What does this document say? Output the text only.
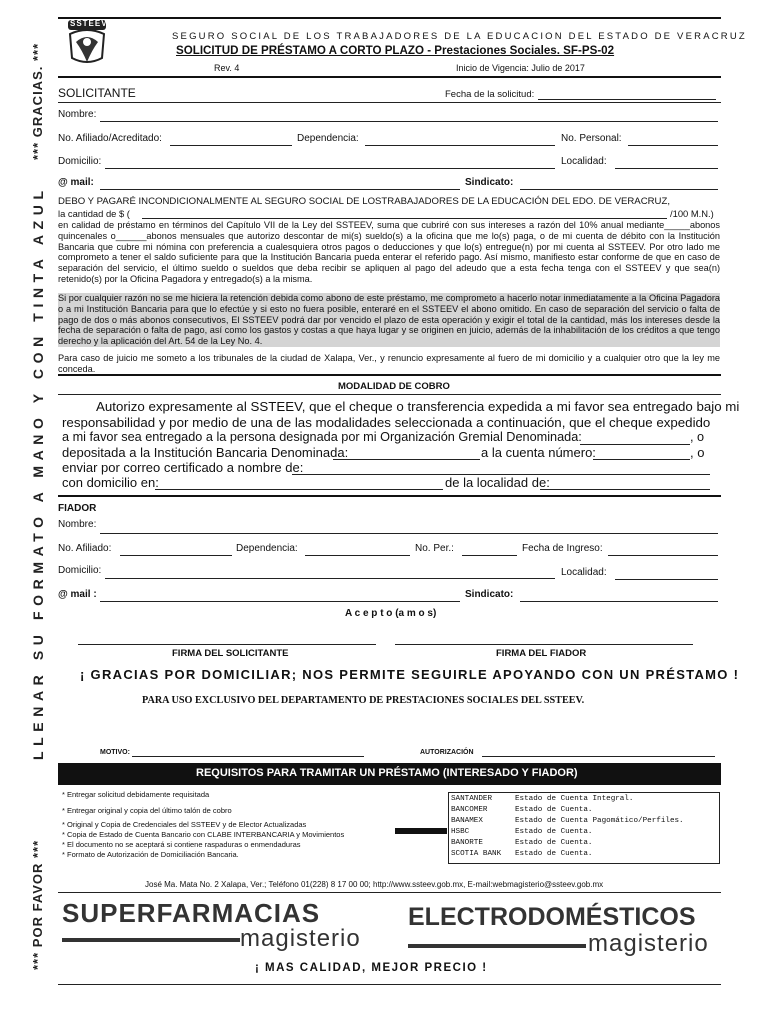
*** GRACIAS. ***
LLENAR SU FORMATO A MANO Y CON TINTA AZUL
*** POR FAVOR ***
SSTEEV
SEGURO SOCIAL DE LOS TRABAJADORES DE LA EDUCACION DEL ESTADO DE VERACRUZ
SOLICITUD DE PRÉSTAMO A CORTO PLAZO - Prestaciones Sociales. SF-PS-02
Rev. 4	Inicio de Vigencia: Julio de 2017
SOLICITANTE	Fecha de la solicitud:
Nombre:
No. Afiliado/Acreditado:	Dependencia:	No. Personal:
Domicilio:	Localidad:
@ mail:	Sindicato:
DEBO Y PAGARÉ INCONDICIONALMENTE AL SEGURO SOCIAL DE LOSTRABAJADORES DE LA EDUCACIÓN DEL EDO. DE VERACRUZ,
la cantidad de $ (	/100 M.N.)
en calidad de préstamo en términos del Capítulo VII de la Ley del SSTEEV, suma que cubriré con sus intereses a razón del 10% anual mediante_____abonos quincenales o______abonos mensuales que autorizo descontar de mi(s) sueldo(s) a la oficina que me lo(s) paga, o de mi cuenta de débito con la Institución Bancaria que cubre mi nómina con preferencia a cualesquiera otros pagos o deducciones y que lo(s) entregue(n) por mi cuenta al SSTEEV. Por otro lado me comprometo a tener el saldo suficiente para que la Institución Bancaria pueda enterar el referido pago. Así mismo, manifiesto estar conforme de que en caso de separación del servicio, el último sueldo o sueldos que deba recibir se apliquen al pago del adeudo que a esta fecha tenga con el SSTEEV y que sea(n) retenido(s) por la Oficina Pagadora y entregado(s) a la misma.
Si por cualquier razón no se me hiciera la retención debida como abono de este préstamo, me comprometo a hacerlo notar inmediatamente a la Oficina Pagadora o a mi Institución Bancaria para que lo efectúe y si esto no fuera posible, enteraré en el SSTEEV el abono omitido. En caso de separación del servicio o falta de pago de dos o más abonos consecutivos, El SSTEEV podrá dar por vencido el plazo de esta operación y exigir el total de la cantidad, más los intereses desde la fecha de separación o falta de pago, así como los gastos y costas a que haya lugar y se originen en juicio, además de la inhabilitación de los créditos a que tengo derecho y la aplicación del Art. 54 de la Ley No. 4.
Para caso de juicio me someto a los tribunales de la ciudad de Xalapa, Ver., y renuncio expresamente al fuero de mi domicilio y a cualquier otro que la ley me conceda.
MODALIDAD DE COBRO
Autorizo expresamente al SSTEEV, que el cheque o transferencia expedida a mi favor sea entregado bajo mi
responsabilidad y por medio de una de las modalidades seleccionada a continuación, que el cheque expedido
a mi favor sea entregado a la persona designada por mi Organización Gremial Denominada:	, o
depositada a la Institución Bancaria Denominada:	a la cuenta número:	, o
enviar por correo certificado a nombre de:
con domicilio en:	de la localidad de:
FIADOR
Nombre:
No. Afiliado:	Dependencia:	No. Per.:	Fecha de Ingreso:
Domicilio:	Localidad:
@ mail :	Sindicato:
A c e p t o (a m o s)
FIRMA DEL SOLICITANTE	FIRMA DEL FIADOR
¡ GRACIAS POR DOMICILIAR; NOS PERMITE SEGUIRLE APOYANDO CON UN PRÉSTAMO !
PARA USO EXCLUSIVO DEL DEPARTAMENTO DE PRESTACIONES SOCIALES DEL SSTEEV.
MOTIVO:	AUTORIZACIÓN
REQUISITOS PARA TRAMITAR UN PRÉSTAMO (INTERESADO Y FIADOR)
* Entregar solicitud debidamente requisitada
* Entregar original y copia del último talón de cobro
* Original y Copia de Credenciales del SSTEEV y de Elector Actualizadas
* Copia de Estado de Cuenta Bancario con CLABE INTERBANCARIA y Movimientos
* El documento no se aceptará si contiene raspaduras o enmendaduras
* Formato de Autorización de Domiciliación Bancaria.
SANTANDER	Estado de Cuenta Integral.
BANCOMER	Estado de Cuenta.
BANAMEX	Estado de Cuenta Pagomático/Perfiles.
HSBC	Estado de Cuenta.
BANORTE	Estado de Cuenta.
SCOTIA BANK Estado de Cuenta.
José Ma. Mata No. 2 Xalapa, Ver.; Teléfono 01(228) 8 17 00 00; http://www.ssteev.gob.mx, E-mail:webmagisterio@ssteev.gob.mx
SUPERFARMACIAS
magisterio
ELECTRODOMÉSTICOS
magisterio
¡ MAS CALIDAD, MEJOR PRECIO !
